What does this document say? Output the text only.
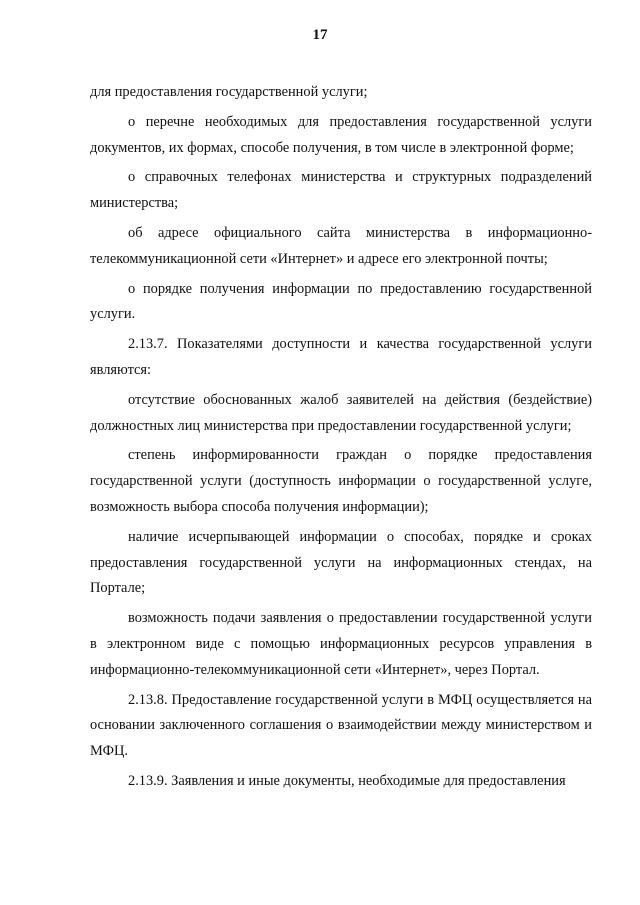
17

для предоставления государственной услуги;

о перечне необходимых для предоставления государственной услуги документов, их формах, способе получения, в том числе в электронной форме;

о справочных телефонах министерства и структурных подразделений министерства;

об адресе официального сайта министерства в информационно-телекоммуникационной сети «Интернет» и адресе его электронной почты;

о порядке получения информации по предоставлению государственной услуги.

2.13.7. Показателями доступности и качества государственной услуги являются:

отсутствие обоснованных жалоб заявителей на действия (бездействие) должностных лиц министерства при предоставлении государственной услуги;

степень информированности граждан о порядке предоставления государственной услуги (доступность информации о государственной услуге, возможность выбора способа получения информации);

наличие исчерпывающей информации о способах, порядке и сроках предоставления государственной услуги на информационных стендах, на Портале;

возможность подачи заявления о предоставлении государственной услуги в электронном виде с помощью информационных ресурсов управления в информационно-телекоммуникационной сети «Интернет», через Портал.

2.13.8. Предоставление государственной услуги в МФЦ осуществляется на основании заключенного соглашения о взаимодействии между министерством и МФЦ.

2.13.9. Заявления и иные документы, необходимые для предоставления
